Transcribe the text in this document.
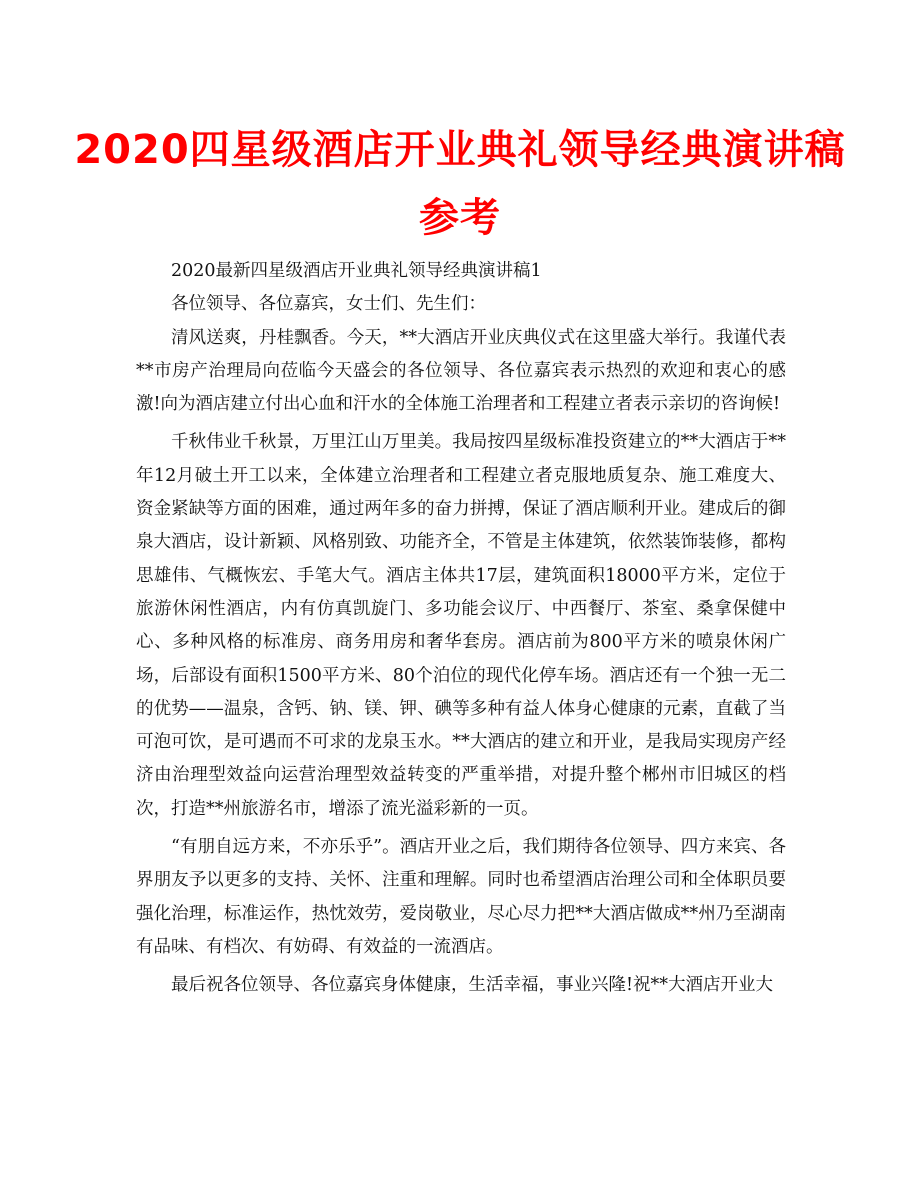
2020四星级酒店开业典礼领导经典演讲稿
参考

2020最新四星级酒店开业典礼领导经典演讲稿1

各位领导、各位嘉宾，女士们、先生们：

清风送爽，丹桂飘香。今天，**大酒店开业庆典仪式在这里盛大举行。我谨代表**市房产治理局向莅临今天盛会的各位领导、各位嘉宾表示热烈的欢迎和衷心的感激!向为酒店建立付出心血和汗水的全体施工治理者和工程建立者表示亲切的咨询候!

千秋伟业千秋景，万里江山万里美。我局按四星级标准投资建立的**大酒店于**年12月破土开工以来，全体建立治理者和工程建立者克服地质复杂、施工难度大、资金紧缺等方面的困难，通过两年多的奋力拼搏，保证了酒店顺利开业。建成后的御泉大酒店，设计新颖、风格别致、功能齐全，不管是主体建筑，依然装饰装修，都构思雄伟、气概恢宏、手笔大气。酒店主体共17层，建筑面积18000平方米，定位于旅游休闲性酒店，内有仿真凯旋门、多功能会议厅、中西餐厅、茶室、桑拿保健中心、多种风格的标准房、商务用房和奢华套房。酒店前为800平方米的喷泉休闲广场，后部设有面积1500平方米、80个泊位的现代化停车场。酒店还有一个独一无二的优势——温泉，含钙、钠、镁、钾、碘等多种有益人体身心健康的元素，直截了当可泡可饮，是可遇而不可求的龙泉玉水。**大酒店的建立和开业，是我局实现房产经济由治理型效益向运营治理型效益转变的严重举措，对提升整个郴州市旧城区的档次，打造**州旅游名市，增添了流光溢彩新的一页。

“有朋自远方来，不亦乐乎”。酒店开业之后，我们期待各位领导、四方来宾、各界朋友予以更多的支持、关怀、注重和理解。同时也希望酒店治理公司和全体职员要强化治理，标准运作，热忱效劳，爱岗敬业，尽心尽力把**大酒店做成**州乃至湖南有品味、有档次、有妨碍、有效益的一流酒店。

最后祝各位领导、各位嘉宾身体健康，生活幸福，事业兴隆!祝**大酒店开业大
